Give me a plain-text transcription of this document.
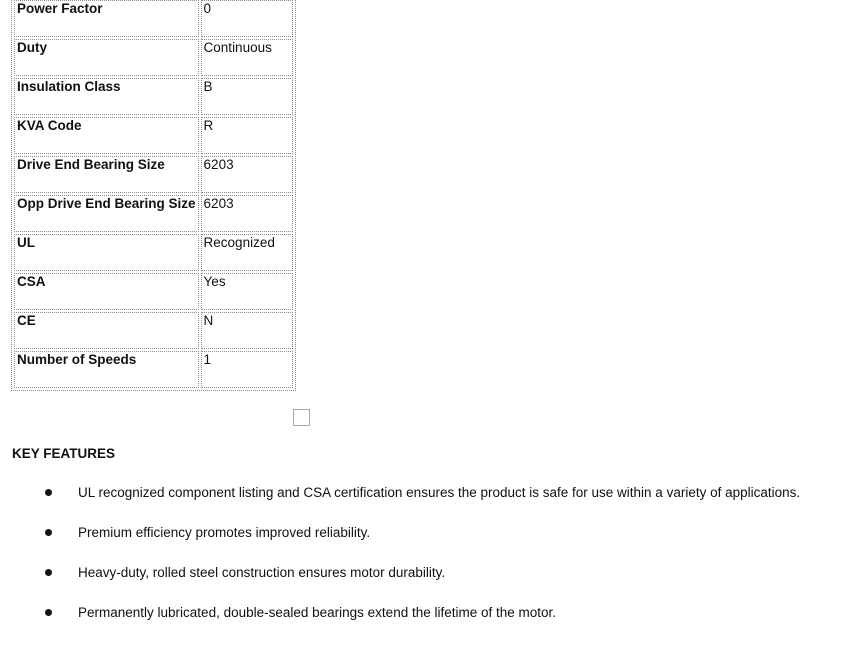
Power Factor	0
Duty	Continuous
Insulation Class	B
KVA Code	R
Drive End Bearing Size	6203
Opp Drive End Bearing Size	6203
UL	Recognized
CSA	Yes
CE	N
Number of Speeds	1
KEY FEATURES
UL recognized component listing and CSA certification ensures the product is safe for use within a variety of applications.
Premium efficiency promotes improved reliability.
Heavy-duty, rolled steel construction ensures motor durability.
Permanently lubricated, double-sealed bearings extend the lifetime of the motor.
